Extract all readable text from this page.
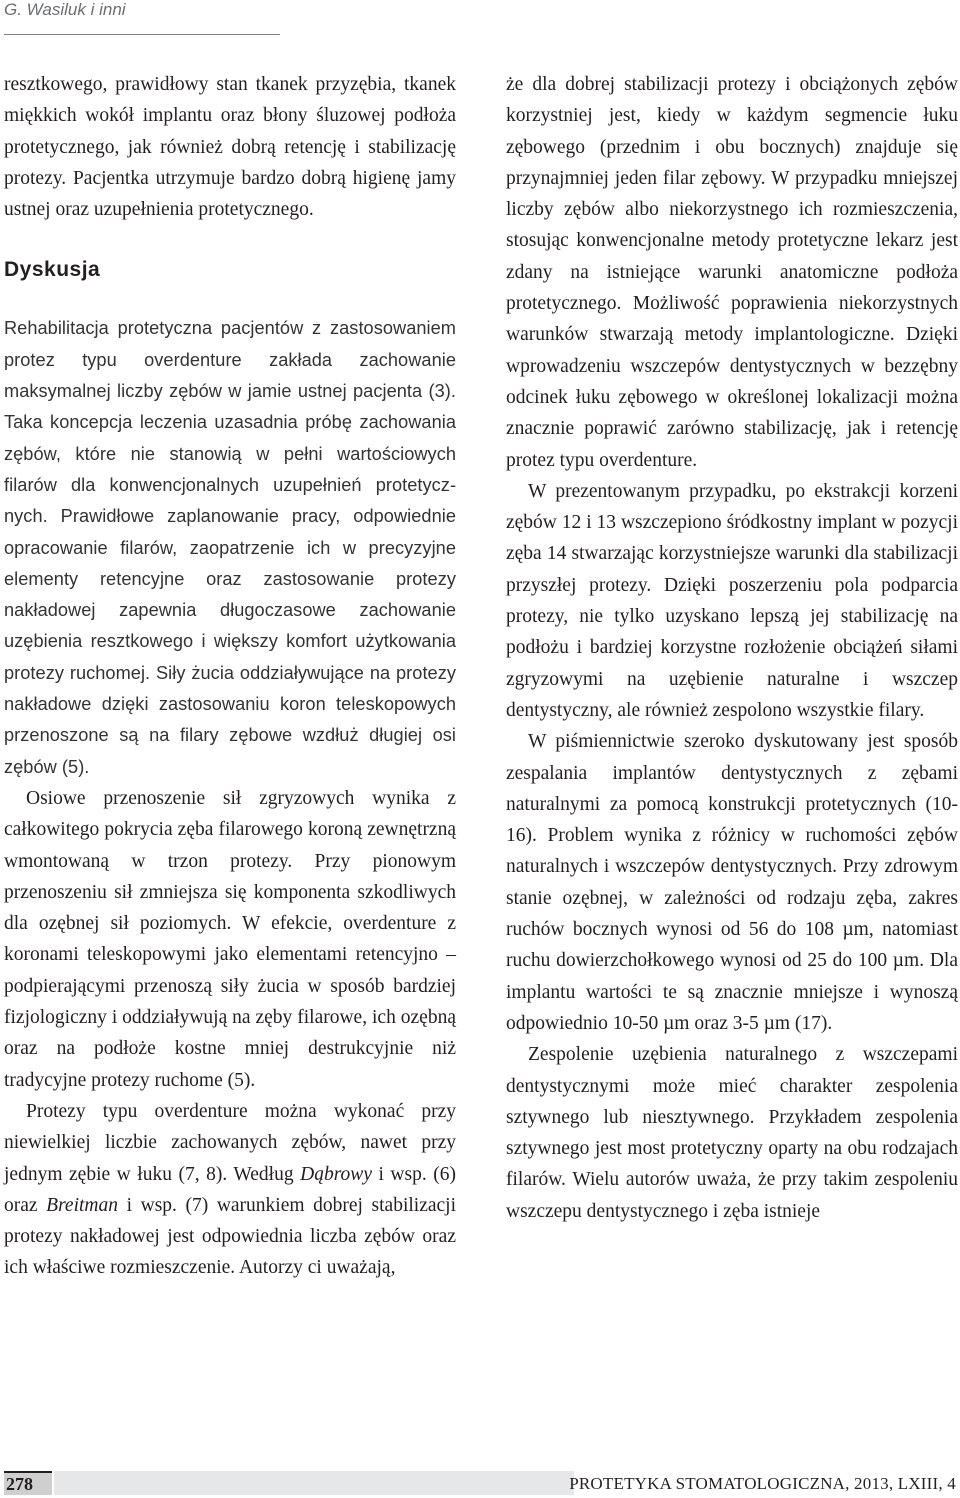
G. Wasiluk i inni

resztkowego, prawidłowy stan tkanek przyzębia, tkanek miękkich wokół implantu oraz błony śluzowej podłoża protetycznego, jak również dobrą retencję i stabilizację protezy. Pacjentka utrzymuje bardzo dobrą higienę jamy ustnej oraz uzupełnienia protetycznego.

Dyskusja

Rehabilitacja protetyczna pacjentów z zastosowaniem protez typu overdenture zakłada zachowanie maksymalnej liczby zębów w jamie ustnej pacjenta (3). Taka koncepcja leczenia uzasadnia próbę zachowania zębów, które nie stanowią w pełni wartościowych filarów dla konwencjonalnych uzupełnień protetycznych. Prawidłowe zaplanowanie pracy, odpowiednie opracowanie filarów, zaopatrzenie ich w precyzyjne elementy retencyjne oraz zastosowanie protezy nakładowej zapewnia długoczasowe zachowanie uzębienia resztkowego i większy komfort użytkowania protezy ruchomej. Siły żucia oddziaływujące na protezy nakładowe dzięki zastosowaniu koron teleskopowych przenoszone są na filary zębowe wzdłuż długiej osi zębów (5).

Osiowe przenoszenie sił zgryzowych wynika z całkowitego pokrycia zęba filarowego koroną zewnętrzną wmontowaną w trzon protezy. Przy pionowym przenoszeniu sił zmniejsza się komponenta szkodliwych dla ozębnej sił poziomych. W efekcie, overdenture z koronami teleskopowymi jako elementami retencyjno – podpierającymi przenoszą siły żucia w sposób bardziej fizjologiczny i oddziaływują na zęby filarowe, ich ozębną oraz na podłoże kostne mniej destrukcyjnie niż tradycyjne protezy ruchome (5).

Protezy typu overdenture można wykonać przy niewielkiej liczbie zachowanych zębów, nawet przy jednym zębie w łuku (7, 8). Według Dąbrowy i wsp. (6) oraz Breitman i wsp. (7) warunkiem dobrej stabilizacji protezy nakładowej jest odpowiednia liczba zębów oraz ich właściwe rozmieszczenie. Autorzy ci uważają,

że dla dobrej stabilizacji protezy i obciążonych zębów korzystniej jest, kiedy w każdym segmencie łuku zębowego (przednim i obu bocznych) znajduje się przynajmniej jeden filar zębowy. W przypadku mniejszej liczby zębów albo niekorzystnego ich rozmieszczenia, stosując konwencjonalne metody protetyczne lekarz jest zdany na istniejące warunki anatomiczne podłoża protetycznego. Możliwość poprawienia niekorzystnych warunków stwarzają metody implantologiczne. Dzięki wprowadzeniu wszczepów dentystycznych w bezzębny odcinek łuku zębowego w określonej lokalizacji można znacznie poprawić zarówno stabilizację, jak i retencję protez typu overdenture.

W prezentowanym przypadku, po ekstrakcji korzeni zębów 12 i 13 wszczepiono śródkostny implant w pozycji zęba 14 stwarzając korzystniejsze warunki dla stabilizacji przyszłej protezy. Dzięki poszerzeniu pola podparcia protezy, nie tylko uzyskano lepszą jej stabilizację na podłożu i bardziej korzystne rozłożenie obciążeń siłami zgryzowymi na uzębienie naturalne i wszczep dentystyczny, ale również zespolono wszystkie filary.

W piśmiennictwie szeroko dyskutowany jest sposób zespalania implantów dentystycznych z zębami naturalnymi za pomocą konstrukcji protetycznych (10-16). Problem wynika z różnicy w ruchomości zębów naturalnych i wszczepów dentystycznych. Przy zdrowym stanie ozębnej, w zależności od rodzaju zęba, zakres ruchów bocznych wynosi od 56 do 108 µm, natomiast ruchu dowierzchołkowego wynosi od 25 do 100 µm. Dla implantu wartości te są znacznie mniejsze i wynoszą odpowiednio 10-50 µm oraz 3-5 µm (17).

Zespolenie uzębienia naturalnego z wszczepami dentystycznymi może mieć charakter zespolenia sztywnego lub niesztywnego. Przykładem zespolenia sztywnego jest most protetyczny oparty na obu rodzajach filarów. Wielu autorów uważa, że przy takim zespoleniu wszczepu dentystycznego i zęba istnieje

278	PROTETYKA STOMATOLOGICZNA, 2013, LXIII, 4
